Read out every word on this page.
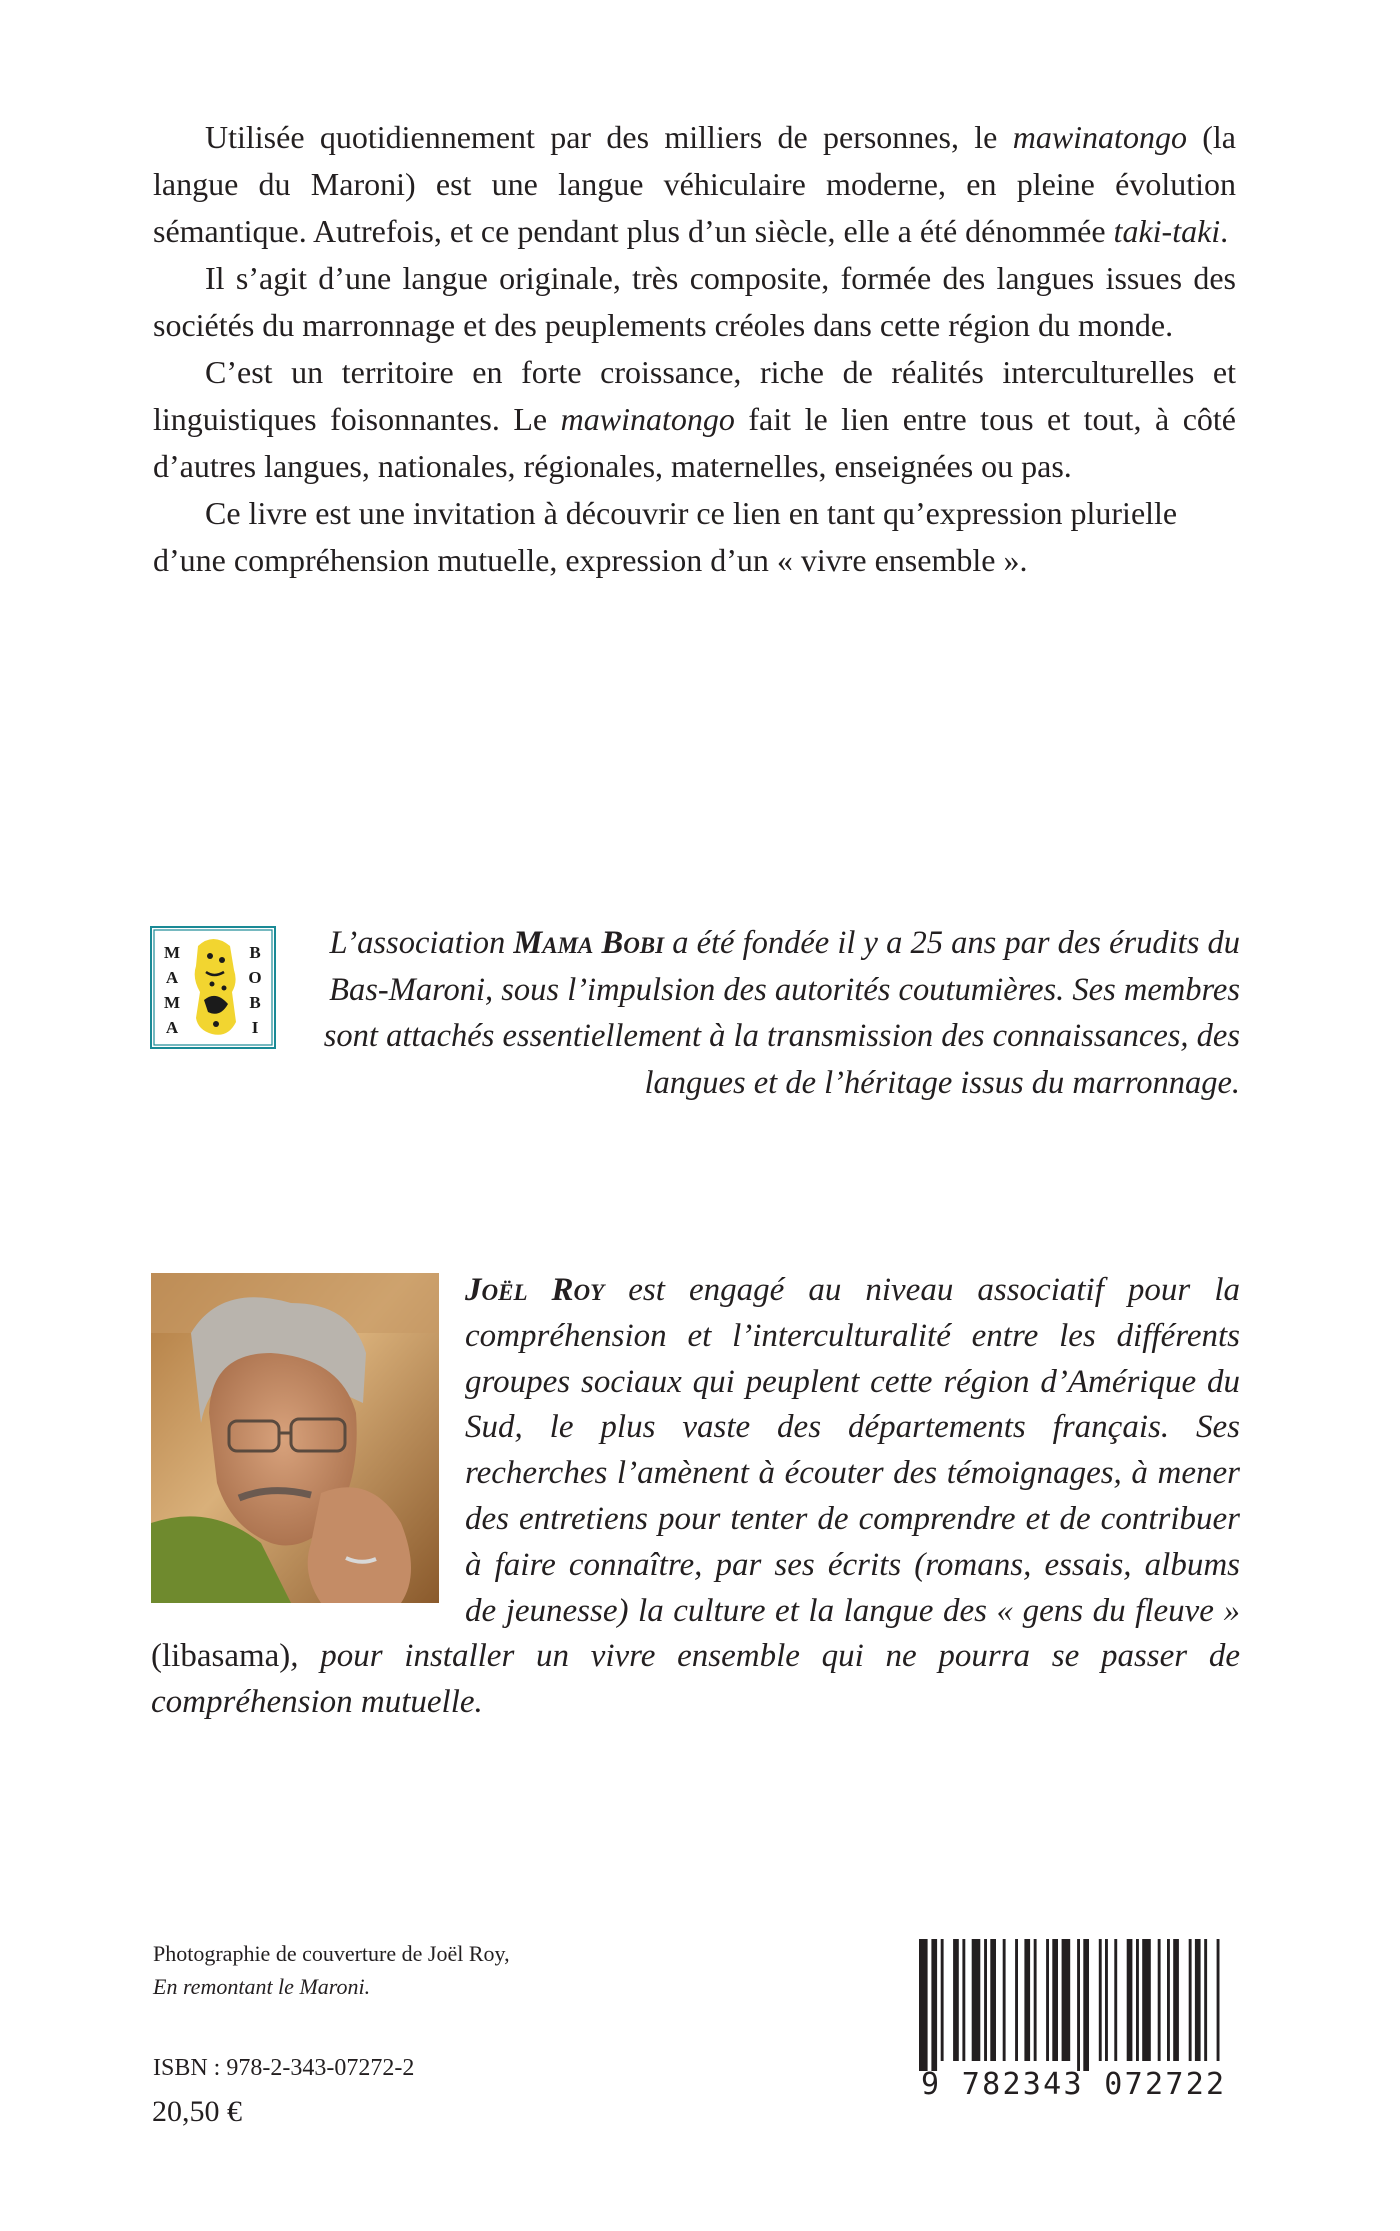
Utilisée quotidiennement par des milliers de personnes, le mawinatongo (la langue du Maroni) est une langue véhiculaire moderne, en pleine évolution sémantique. Autrefois, et ce pendant plus d’un siècle, elle a été dénommée taki-taki.

Il s’agit d’une langue originale, très composite, formée des langues issues des sociétés du marronnage et des peuplements créoles dans cette région du monde.

C’est un territoire en forte croissance, riche de réalités interculturelles et linguistiques foisonnantes. Le mawinatongo fait le lien entre tous et tout, à côté d’autres langues, nationales, régionales, maternelles, enseignées ou pas.

Ce livre est une invitation à découvrir ce lien en tant qu’expression plurielle d’une compréhension mutuelle, expression d’un « vivre ensemble ».

M
A
M
A
B
O
B
I

L’association Mama Bobi a été fondée il y a 25 ans par des érudits du Bas-Maroni, sous l’impulsion des autorités coutumières. Ses membres sont attachés essentiellement à la transmission des connaissances, des langues et de l’héritage issus du marronnage.

Joël Roy est engagé au niveau associatif pour la compréhension et l’interculturalité entre les différents groupes sociaux qui peuplent cette région d’Amérique du Sud, le plus vaste des départements français. Ses recherches l’amènent à écouter des témoignages, à mener des entretiens pour tenter de comprendre et de contribuer à faire connaître, par ses écrits (romans, essais, albums de jeunesse) la culture et la langue des « gens du fleuve » (libasama), pour installer un vivre ensemble qui ne pourra se passer de compréhension mutuelle.

Photographie de couverture de Joël Roy,
En remontant le Maroni.

ISBN : 978-2-343-07272-2

20,50 €

9 782343 072722
